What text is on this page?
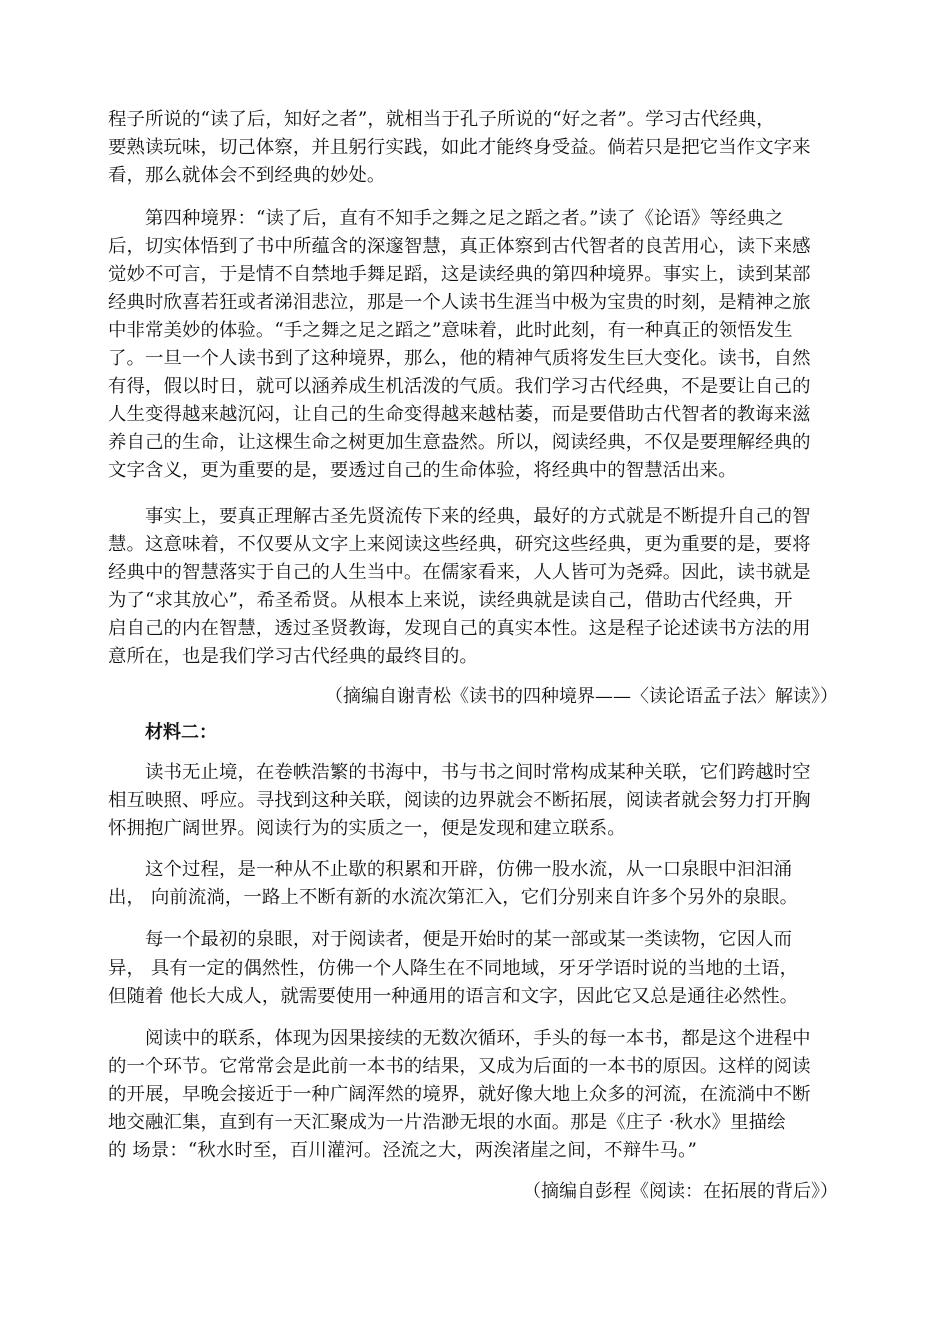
程子所说的“读了后，知好之者”，就相当于孔子所说的“好之者”。学习古代经典，
要熟读玩味，切己体察，并且躬行实践，如此才能终身受益。倘若只是把它当作文字来
看，那么就体会不到经典的妙处。
第四种境界：“读了后，直有不知手之舞之足之蹈之者。”读了《论语》等经典之
后，切实体悟到了书中所蕴含的深邃智慧，真正体察到古代智者的良苦用心，读下来感
觉妙不可言，于是情不自禁地手舞足蹈，这是读经典的第四种境界。事实上，读到某部
经典时欣喜若狂或者涕泪悲泣，那是一个人读书生涯当中极为宝贵的时刻，是精神之旅
中非常美妙的体验。“手之舞之足之蹈之”意味着，此时此刻，有一种真正的领悟发生
了。一旦一个人读书到了这种境界，那么，他的精神气质将发生巨大变化。读书，自然
有得，假以时日，就可以涵养成生机活泼的气质。我们学习古代经典，不是要让自己的
人生变得越来越沉闷，让自己的生命变得越来越枯萎，而是要借助古代智者的教诲来滋
养自己的生命，让这棵生命之树更加生意盎然。所以，阅读经典，不仅是要理解经典的
文字含义，更为重要的是，要透过自己的生命体验，将经典中的智慧活出来。
事实上，要真正理解古圣先贤流传下来的经典，最好的方式就是不断提升自己的智
慧。这意味着，不仅要从文字上来阅读这些经典，研究这些经典，更为重要的是，要将
经典中的智慧落实于自己的人生当中。在儒家看来，人人皆可为尧舜。因此，读书就是
为了“求其放心”，希圣希贤。从根本上来说，读经典就是读自己，借助古代经典，开
启自己的内在智慧，透过圣贤教诲，发现自己的真实本性。这是程子论述读书方法的用
意所在，也是我们学习古代经典的最终目的。
（摘编自谢青松《读书的四种境界——〈读论语孟子法〉解读》）
材料二：
读书无止境，在卷帙浩繁的书海中，书与书之间时常构成某种关联，它们跨越时空
相互映照、呼应。寻找到这种关联，阅读的边界就会不断拓展，阅读者就会努力打开胸
怀拥抱广阔世界。阅读行为的实质之一，便是发现和建立联系。
这个过程，是一种从不止歇的积累和开辟，仿佛一股水流，从一口泉眼中汩汩涌
出， 向前流淌，一路上不断有新的水流次第汇入，它们分别来自许多个另外的泉眼。
每一个最初的泉眼，对于阅读者，便是开始时的某一部或某一类读物，它因人而
异， 具有一定的偶然性，仿佛一个人降生在不同地域，牙牙学语时说的当地的土语，
但随着 他长大成人，就需要使用一种通用的语言和文字，因此它又总是通往必然性。
阅读中的联系，体现为因果接续的无数次循环，手头的每一本书，都是这个进程中
的一个环节。它常常会是此前一本书的结果，又成为后面的一本书的原因。这样的阅读
的开展，早晚会接近于一种广阔浑然的境界，就好像大地上众多的河流，在流淌中不断
地交融汇集，直到有一天汇聚成为一片浩渺无垠的水面。那是《庄子 ·秋水》里描绘
的 场景：“秋水时至，百川灌河。泾流之大，两涘渚崖之间，不辩牛马。”
（摘编自彭程《阅读：在拓展的背后》）
